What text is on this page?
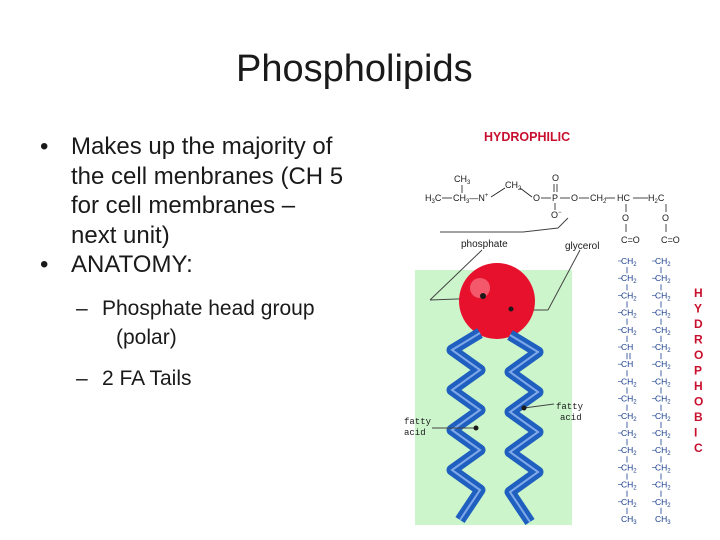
Phospholipids
• Makes up the majority of
the cell menbranes (CH 5
for cell membranes –
next unit)
• ANATOMY:
– Phosphate head group
(polar)
– 2 FA Tails
HYDROPHILIC
$CH_3$
$H_3C$ $CH_3—N^+$
$CH_2$
O P
O
O−
O $CH_2$ HC $H_2C$
O	O
C=O C=O
phosphate	glycerol
fatty
acid
fatty
acid
$CH_2$
$CH_2$
$CH_2$
$CH_2$
$CH_2$
CH
CH
$CH_2$
$CH_2$
$CH_2$
$CH_2$
$CH_2$
$CH_2$
$CH_2$
$CH_2$
$CH_3$
$CH_2$
$CH_2$
$CH_2$
$CH_2$
$CH_2$
$CH_2$
$CH_2$
$CH_2$
$CH_2$
$CH_2$
$CH_2$
$CH_2$
$CH_2$
$CH_2$
$CH_2$
$CH_3$
H
Y
D
R
O
P
H
O
B
I
C
